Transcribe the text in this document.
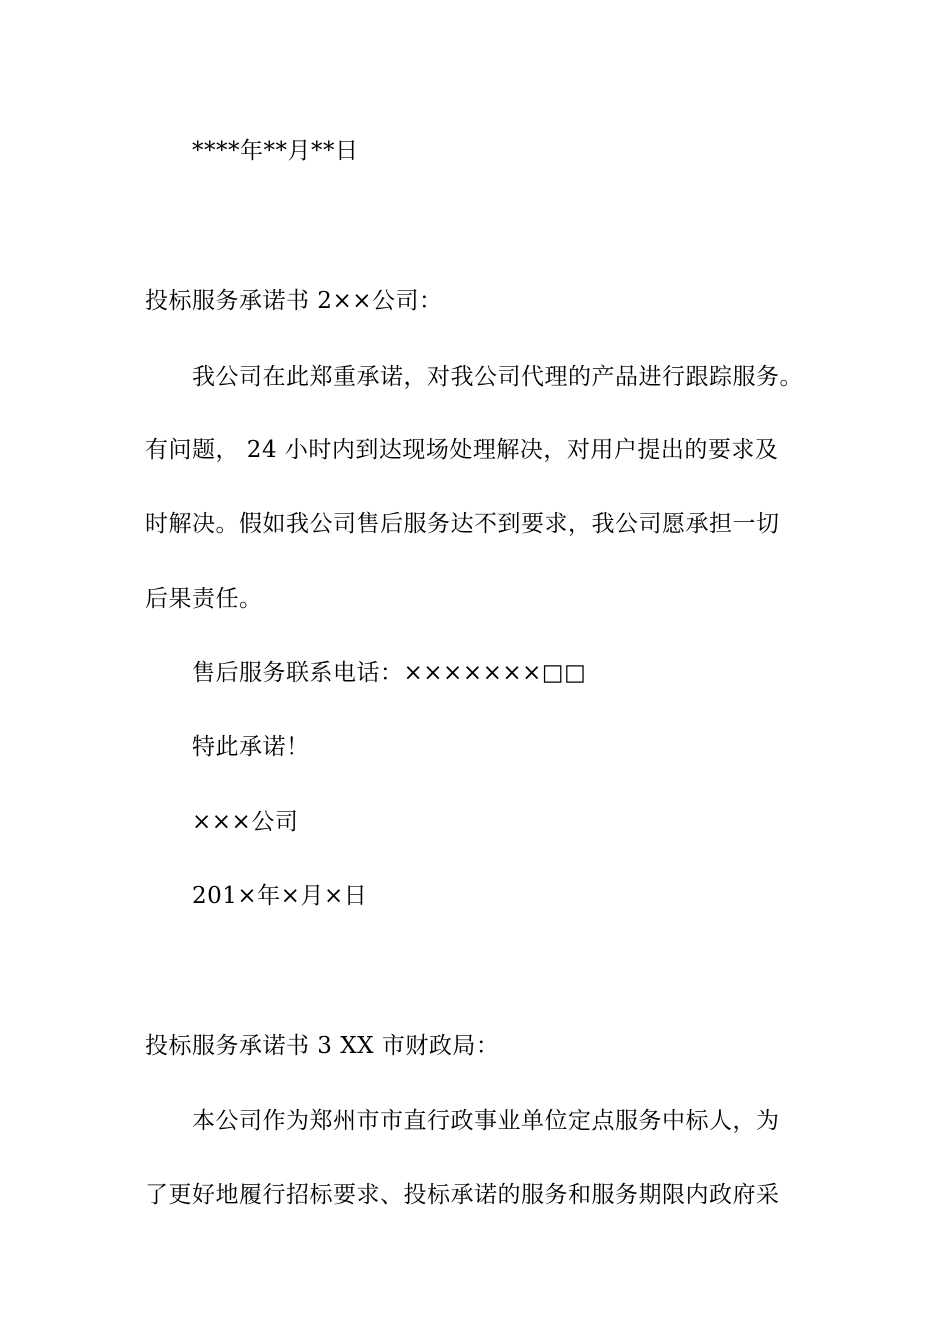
****年**月**日
投标服务承诺书 2××公司：
我公司在此郑重承诺，对我公司代理的产品进行跟踪服务。
有问题， 24 小时内到达现场处理解决，对用户提出的要求及
时解决。假如我公司售后服务达不到要求，我公司愿承担一切
后果责任。
售后服务联系电话：×××××××□□
特此承诺！
×××公司
201×年×月×日
投标服务承诺书 3 XX 市财政局：
本公司作为郑州市市直行政事业单位定点服务中标人，为
了更好地履行招标要求、投标承诺的服务和服务期限内政府采
